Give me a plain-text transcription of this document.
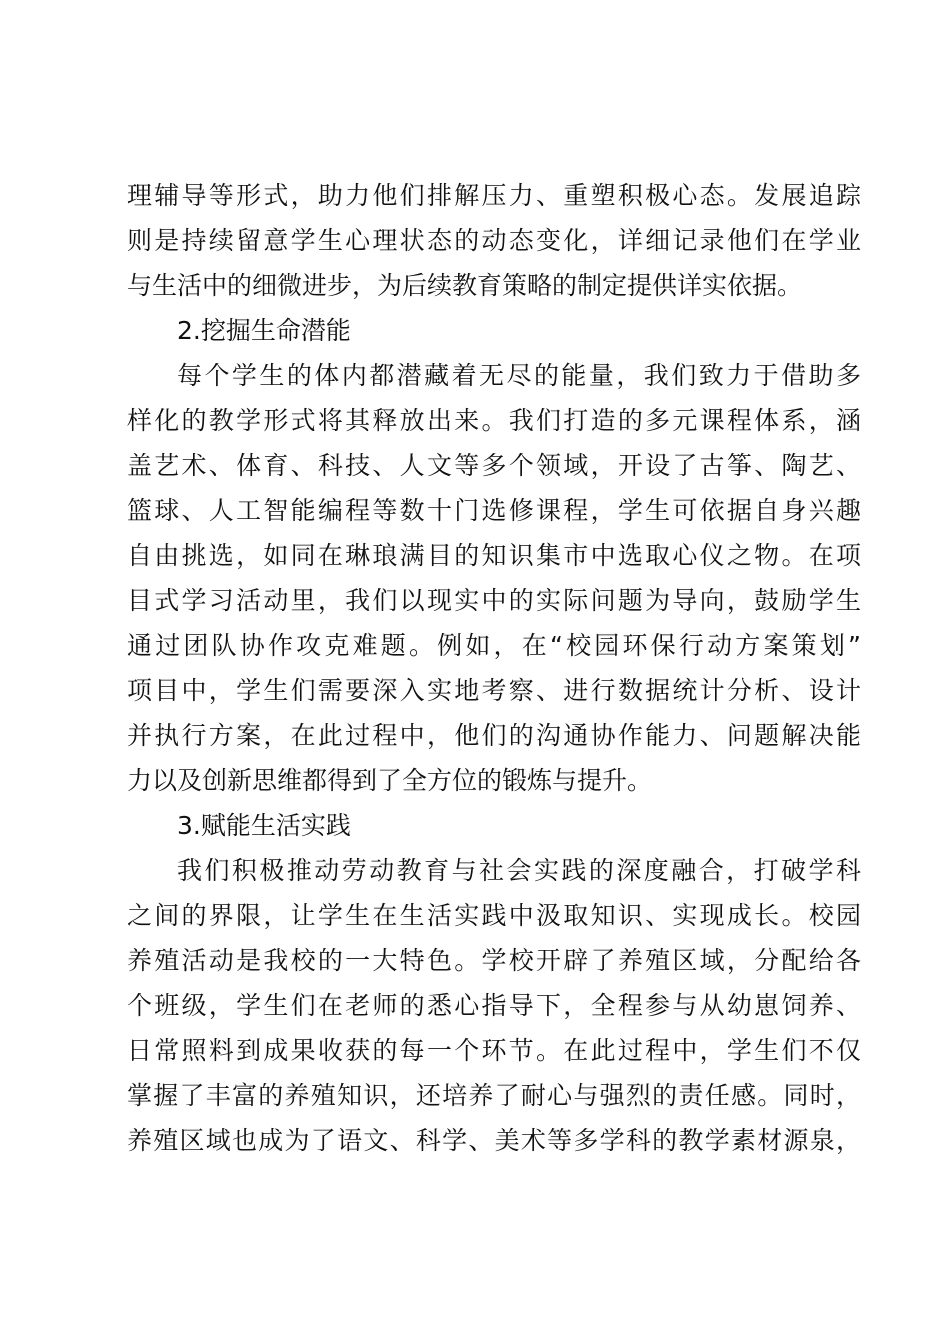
理辅导等形式，助力他们排解压力、重塑积极心态。发展追踪
则是持续留意学生心理状态的动态变化，详细记录他们在学业
与生活中的细微进步，为后续教育策略的制定提供详实依据。
2.挖掘生命潜能
每个学生的体内都潜藏着无尽的能量，我们致力于借助多
样化的教学形式将其释放出来。我们打造的多元课程体系，涵
盖艺术、体育、科技、人文等多个领域，开设了古筝、陶艺、
篮球、人工智能编程等数十门选修课程，学生可依据自身兴趣
自由挑选，如同在琳琅满目的知识集市中选取心仪之物。在项
目式学习活动里，我们以现实中的实际问题为导向，鼓励学生
通过团队协作攻克难题。例如，在“校园环保行动方案策划”
项目中，学生们需要深入实地考察、进行数据统计分析、设计
并执行方案，在此过程中，他们的沟通协作能力、问题解决能
力以及创新思维都得到了全方位的锻炼与提升。
3.赋能生活实践
我们积极推动劳动教育与社会实践的深度融合，打破学科
之间的界限，让学生在生活实践中汲取知识、实现成长。校园
养殖活动是我校的一大特色。学校开辟了养殖区域，分配给各
个班级，学生们在老师的悉心指导下，全程参与从幼崽饲养、
日常照料到成果收获的每一个环节。在此过程中，学生们不仅
掌握了丰富的养殖知识，还培养了耐心与强烈的责任感。同时，
养殖区域也成为了语文、科学、美术等多学科的教学素材源泉，
